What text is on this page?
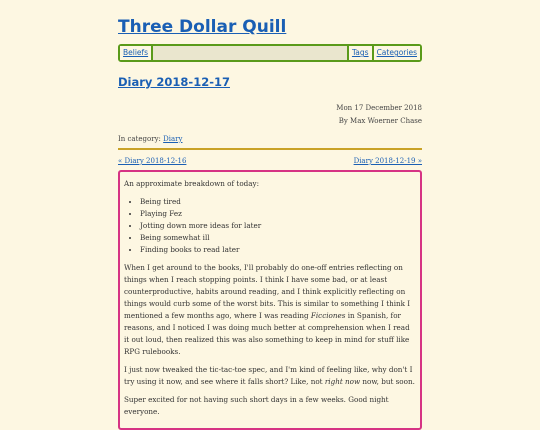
Three Dollar Quill
Beliefs	Tags	Categories
Diary 2018-12-17
Mon 17 December 2018
By Max Woerner Chase
In category: Diary
« Diary 2018-12-16	Diary 2018-12-19 »

An approximate breakdown of today:

• Being tired
• Playing Fez
• Jotting down more ideas for later
• Being somewhat ill
• Finding books to read later

When I get around to the books, I'll probably do one-off entries reflecting on things when I reach stopping points. I think I have some bad, or at least counterproductive, habits around reading, and I think explicitly reflecting on things would curb some of the worst bits. This is similar to something I think I mentioned a few months ago, where I was reading Ficciones in Spanish, for reasons, and I noticed I was doing much better at comprehension when I read it out loud, then realized this was also something to keep in mind for stuff like RPG rulebooks.

I just now tweaked the tic-tac-toe spec, and I'm kind of feeling like, why don't I try using it now, and see where it falls short? Like, not right now now, but soon.

Super excited for not having such short days in a few weeks. Good night everyone.
